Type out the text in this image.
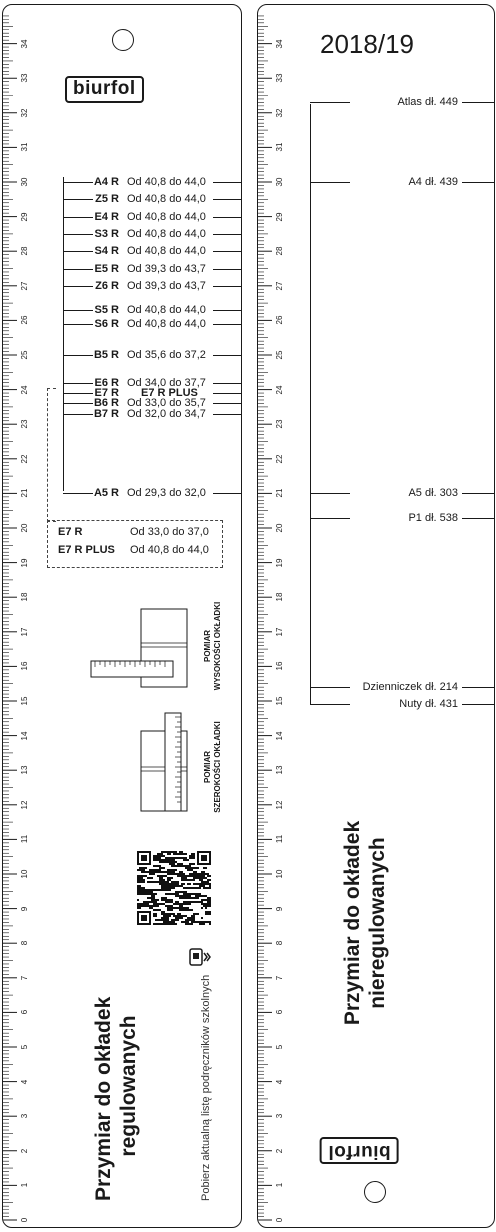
0
1
2
3
4
5
6
7
8
9
10
11
12
13
14
15
16
17
18
19
20
21
22
23
24
25
26
27
28
29
30
31
32
33
34
biurfol
A4 R Od 40,8 do 44,0
Z5 R Od 40,8 do 44,0
E4 R Od 40,8 do 44,0
S3 R Od 40,8 do 44,0
S4 R Od 40,8 do 44,0
E5 R Od 39,3 do 43,7
Z6 R Od 39,3 do 43,7
S5 R Od 40,8 do 44,0
S6 R Od 40,8 do 44,0
B5 R Od 35,6 do 37,2
E6 R Od 34,0 do 37,7
E7 R E7 R PLUS
B6 R Od 33,0 do 35,7
B7 R Od 32,0 do 34,7
A5 R Od 29,3 do 32,0
E7 R	Od 33,0 do 37,0
E7 R PLUS Od 40,8 do 44,0
POMIAR WYSOKOŚCI OKŁADKI
POMIAR SZEROKOŚCI OKŁADKI
Pobierz aktualną listę podręczników szkolnych
Przymiar do okładek regulowanych
0
1
2
3
4
5
6
7
8
9
10
11
12
13
14
15
16
17
18
19
20
21
22
23
24
25
26
27
28
29
30
31
32
33
34 2018/19
Atlas dł. 449
A4 dł. 439
A5 dł. 303
P1 dł. 538
Dzienniczek dł. 214
Nuty dł. 431
Przymiar do okładek nieregulowanych
biurfol
